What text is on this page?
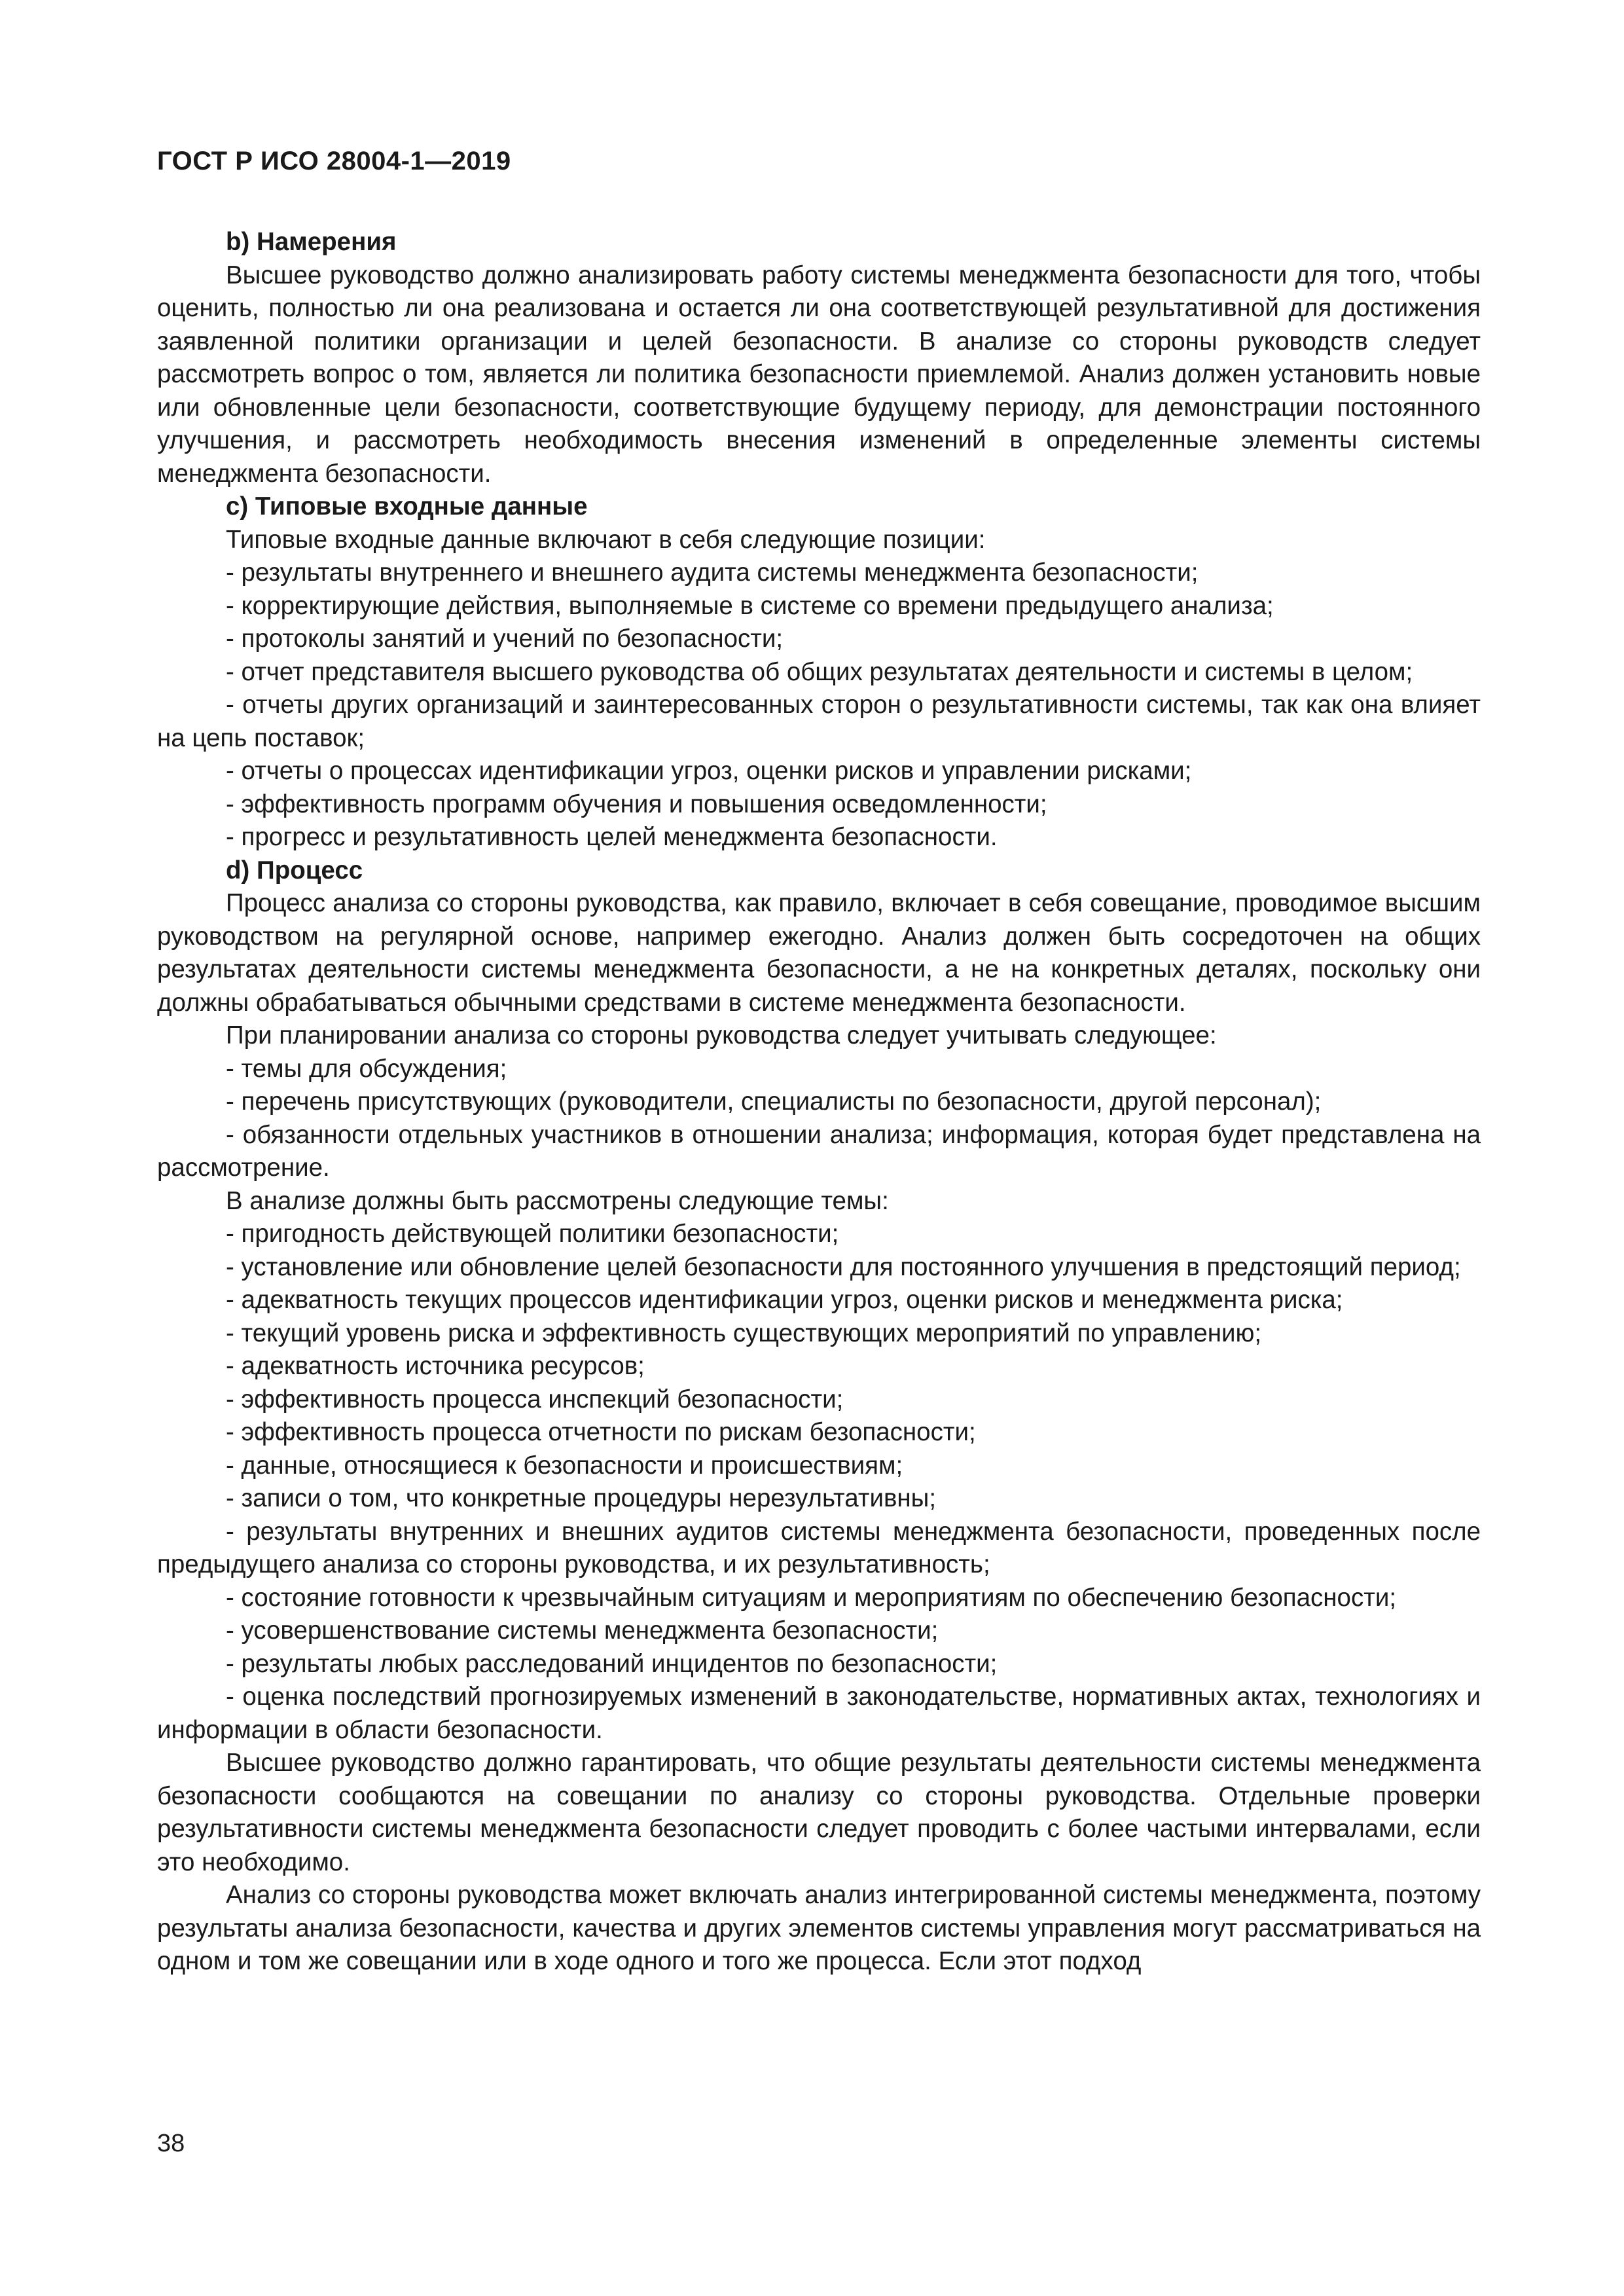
ГОСТ Р ИСО 28004-1—2019

b) Намерения

Высшее руководство должно анализировать работу системы менеджмента безопасности для того, чтобы оценить, полностью ли она реализована и остается ли она соответствующей результативной для достижения заявленной политики организации и целей безопасности. В анализе со стороны руководств следует рассмотреть вопрос о том, является ли политика безопасности приемлемой. Анализ должен установить новые или обновленные цели безопасности, соответствующие будущему периоду, для демонстрации постоянного улучшения, и рассмотреть необходимость внесения изменений в определенные элементы системы менеджмента безопасности.

c) Типовые входные данные

Типовые входные данные включают в себя следующие позиции:

- результаты внутреннего и внешнего аудита системы менеджмента безопасности;

- корректирующие действия, выполняемые в системе со времени предыдущего анализа;

- протоколы занятий и учений по безопасности;

- отчет представителя высшего руководства об общих результатах деятельности и системы в целом;

- отчеты других организаций и заинтересованных сторон о результативности системы, так как она влияет на цепь поставок;

- отчеты о процессах идентификации угроз, оценки рисков и управлении рисками;

- эффективность программ обучения и повышения осведомленности;

- прогресс и результативность целей менеджмента безопасности.

d) Процесс

Процесс анализа со стороны руководства, как правило, включает в себя совещание, проводимое высшим руководством на регулярной основе, например ежегодно. Анализ должен быть сосредоточен на общих результатах деятельности системы менеджмента безопасности, а не на конкретных деталях, поскольку они должны обрабатываться обычными средствами в системе менеджмента безопасности.

При планировании анализа со стороны руководства следует учитывать следующее:

- темы для обсуждения;

- перечень присутствующих (руководители, специалисты по безопасности, другой персонал);

- обязанности отдельных участников в отношении анализа; информация, которая будет представлена на рассмотрение.

В анализе должны быть рассмотрены следующие темы:

- пригодность действующей политики безопасности;

- установление или обновление целей безопасности для постоянного улучшения в предстоящий период;

- адекватность текущих процессов идентификации угроз, оценки рисков и менеджмента риска;

- текущий уровень риска и эффективность существующих мероприятий по управлению;

- адекватность источника ресурсов;

- эффективность процесса инспекций безопасности;

- эффективность процесса отчетности по рискам безопасности;

- данные, относящиеся к безопасности и происшествиям;

- записи о том, что конкретные процедуры нерезультативны;

- результаты внутренних и внешних аудитов системы менеджмента безопасности, проведенных после предыдущего анализа со стороны руководства, и их результативность;

- состояние готовности к чрезвычайным ситуациям и мероприятиям по обеспечению безопасности;

- усовершенствование системы менеджмента безопасности;

- результаты любых расследований инцидентов по безопасности;

- оценка последствий прогнозируемых изменений в законодательстве, нормативных актах, технологиях и информации в области безопасности.

Высшее руководство должно гарантировать, что общие результаты деятельности системы менеджмента безопасности сообщаются на совещании по анализу со стороны руководства. Отдельные проверки результативности системы менеджмента безопасности следует проводить с более частыми интервалами, если это необходимо.

Анализ со стороны руководства может включать анализ интегрированной системы менеджмента, поэтому результаты анализа безопасности, качества и других элементов системы управления могут рассматриваться на одном и том же совещании или в ходе одного и того же процесса. Если этот подход

38
